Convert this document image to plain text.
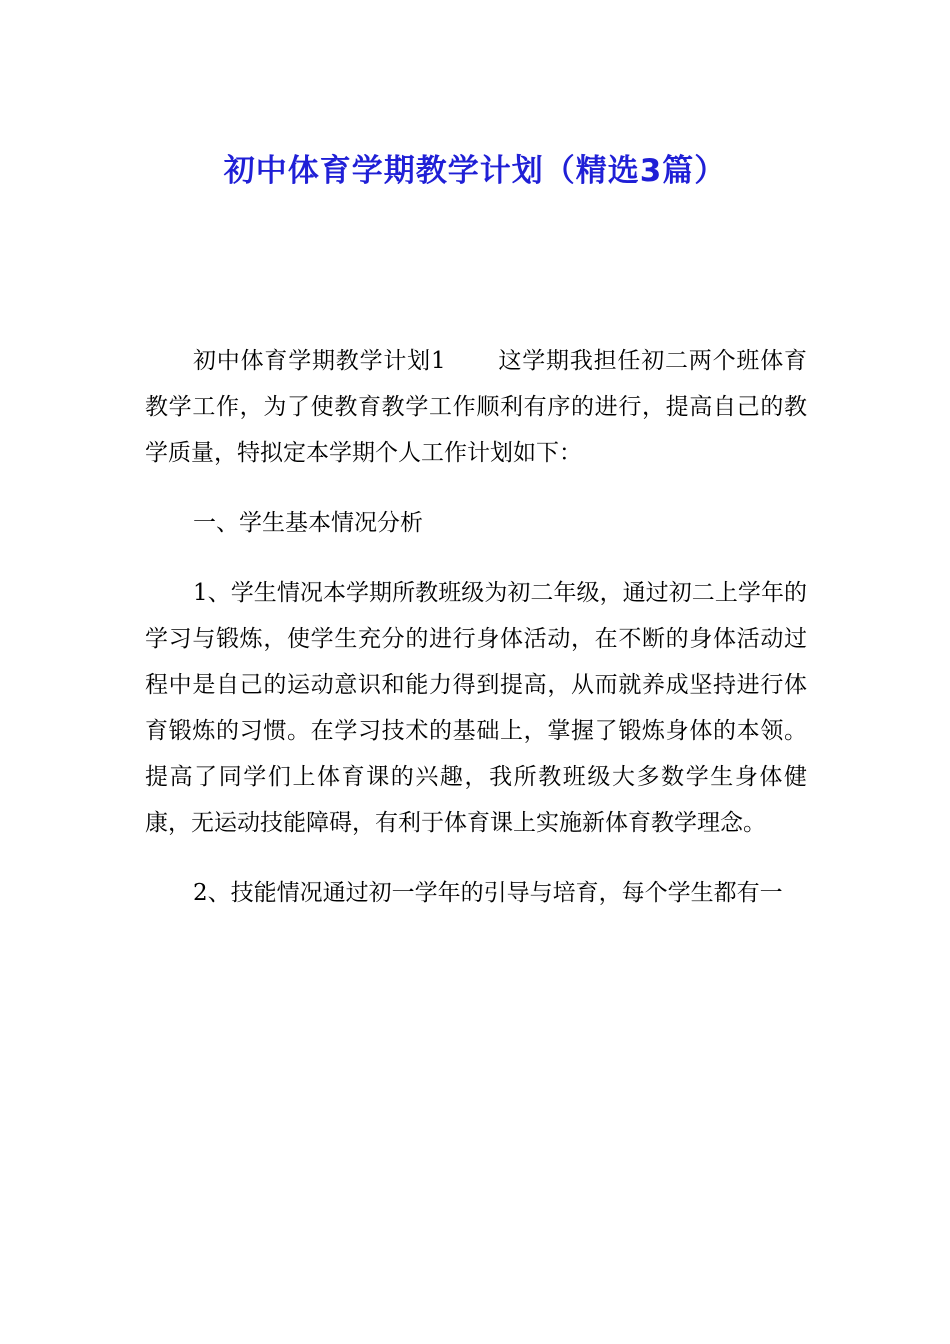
初中体育学期教学计划（精选3篇）

初中体育学期教学计划1 这学期我担任初二两个班体育教学工作，为了使教育教学工作顺利有序的进行，提高自己的教学质量，特拟定本学期个人工作计划如下：

一、学生基本情况分析

1、学生情况本学期所教班级为初二年级，通过初二上学年的学习与锻炼，使学生充分的进行身体活动，在不断的身体活动过程中是自己的运动意识和能力得到提高，从而就养成坚持进行体育锻炼的习惯。在学习技术的基础上，掌握了锻炼身体的本领。提高了同学们上体育课的兴趣，我所教班级大多数学生身体健康，无运动技能障碍，有利于体育课上实施新体育教学理念。

2、技能情况通过初一学年的引导与培育，每个学生都有一
